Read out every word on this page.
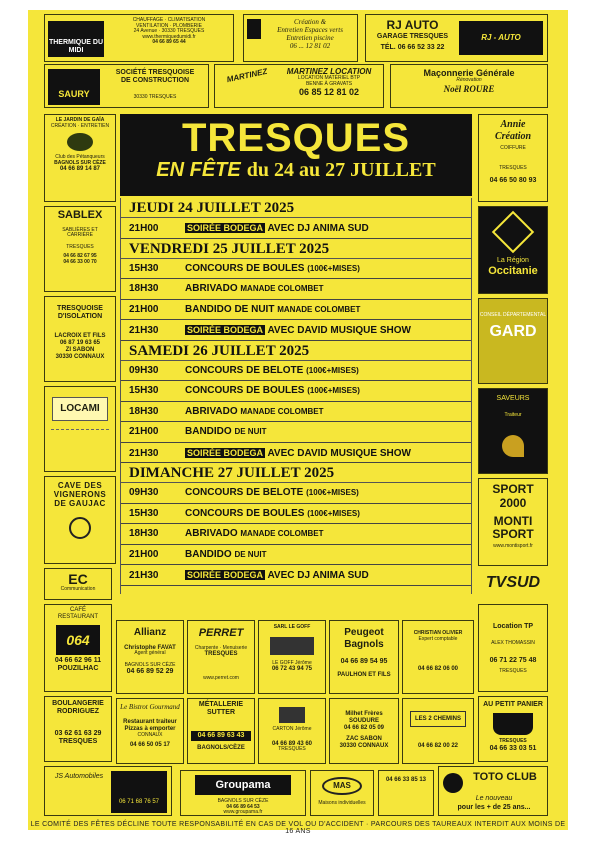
THERMIQUE DU MIDI
CHAUFFAGE · CLIMATISATION
VENTILATION · PLOMBERIE
24 Avenue · 30330 TRESQUES
www.thermiquedumidi.fr
04 66 89 65 44
Création &
Entretien Espaces verts
Entretien piscine
06 ... 12 81 02
RJ AUTO
GARAGE TRESQUES
TÉL. 06 66 52 33 22
RJ - AUTO
SAURY
SOCIÉTÉ TRESQUOISE
DE CONSTRUCTION
30330 TRESQUES
MARTINEZ	MARTINEZ LOCATION
LOCATION MATÉRIEL BTP
BENNE À GRAVATS
06 85 12 81 02
Maçonnerie Générale
Rénovation
Noël ROURE
TRESQUES
EN FÊTE du 24 au 27 JUILLET
JEUDI 24 JUILLET 2025
21H00	SOIRÉE BODEGA AVEC DJ ANIMA SUD
VENDREDI 25 JUILLET 2025
15H30	CONCOURS DE BOULES (100€+MISES)
18H30	ABRIVADO MANADE COLOMBET
21H00	BANDIDO DE NUIT MANADE COLOMBET
21H30	SOIRÉE BODEGA AVEC DAVID MUSIQUE SHOW
SAMEDI 26 JUILLET 2025
09H30	CONCOURS DE BELOTE (100€+MISES)
15H30	CONCOURS DE BOULES (100€+MISES)
18H30	ABRIVADO MANADE COLOMBET
21H00	BANDIDO DE NUIT
21H30	SOIRÉE BODEGA AVEC DAVID MUSIQUE SHOW
DIMANCHE 27 JUILLET 2025
09H30	CONCOURS DE BELOTE (100€+MISES)
15H30	CONCOURS DE BOULES (100€+MISES)
18H30	ABRIVADO MANADE COLOMBET
21H00	BANDIDO DE NUIT
21H30	SOIRÉE BODEGA AVEC DJ ANIMA SUD
LE JARDIN DE GAÏA
CRÉATION · ENTRETIEN
Club des Pétanqueurs
BAGNOLS SUR CÈZE
04 66 89 14 87
SABLEX
SABLIÈRES ET
CARRIÈRE
TRESQUES
04 66 82 67 95
04 66 33 00 70
TRESQUOISE
D'ISOLATION
LACROIX ET FILS
06 87 19 63 65
ZI SABON
30330 CONNAUX
LOCAMI
CAVE DES
VIGNERONS
DE GAUJAC
EC
Communication
CAFÉ
RESTAURANT
064
04 66 62 96 11
POUZILHAC
BOULANGERIE
RODRIGUEZ
03 62 61 63 29
TRESQUES
JS Automobiles
06 71 68 76 57
Annie
Création
COIFFURE
TRESQUES
04 66 50 80 93
La Région
Occitanie
CONSEIL DÉPARTEMENTAL
GARD
SAVEURS
Traiteur
SPORT
2000
MONTI
SPORT
www.montisport.fr
TVSUD
Location TP
ALEX THOMASSIN
06 71 22 75 48
TRESQUES
AU PETIT PANIER
TRESQUES
04 66 33 03 51
TOTO CLUB
Le nouveau
pour les + de 25 ans...
Allianz
Christophe FAVAT
Agent général
BAGNOLS SUR CÈZE
04 66 89 52 29
PERRET
Charpente · Menuiserie
TRESQUES
www.perret.com
SARL LE GOFF
LE GOFF Jérôme
06 72 43 94 75
Peugeot
Bagnols
04 66 89 54 95
PAULHON ET FILS
CHRISTIAN OLIVIER
Expert comptable
04 66 82 06 00
Le Bistrot Gourmand
Restaurant traiteur
Pizzas à emporter
CONNAUX
04 66 50 05 17
MÉTALLERIE
SUTTER
04 66 89 63 43
BAGNOLS/CÈZE
CARTON Jérôme
04 66 89 43 60
TRESQUES
Milhet Frères
SOUDURE
04 66 82 05 09
ZAC SABON
30330 CONNAUX
LES 2 CHEMINS
04 66 82 00 22
Groupama
BAGNOLS SUR CÈZE
04 66 89 64 53
www.groupama.fr
MAS
Maisons individuelles
04 66 33 85 13
LE COMITÉ DES FÊTES DÉCLINE TOUTE RESPONSABILITÉ EN CAS DE VOL OU D'ACCIDENT · PARCOURS DES TAUREAUX INTERDIT AUX MOINS DE 16 ANS
